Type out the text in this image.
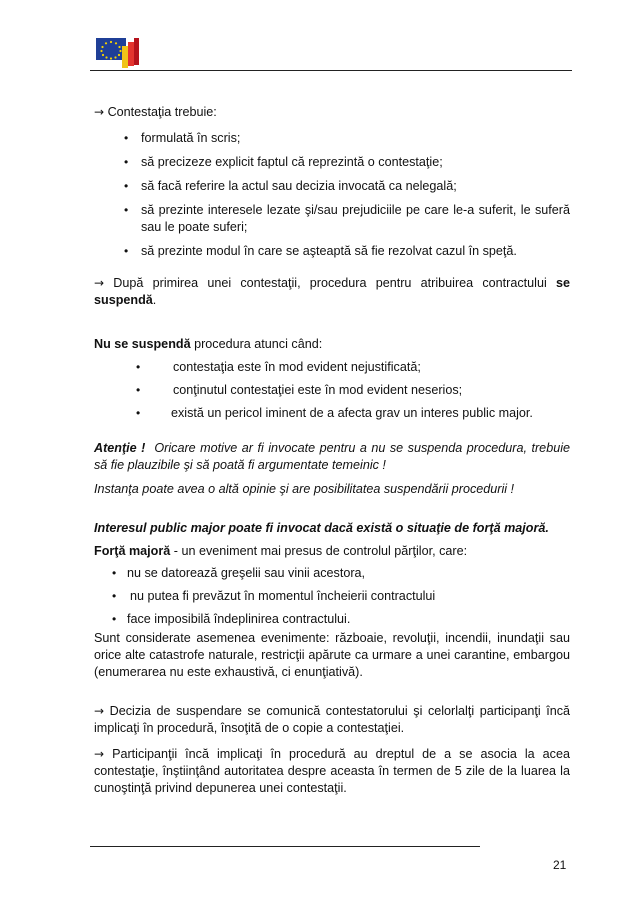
→ Contestaţia trebuie:
• formulată în scris;
• să precizeze explicit faptul că reprezintă o contestaţie;
• să facă referire la actul sau decizia invocată ca nelegală;
• să prezinte interesele lezate şi/sau prejudiciile pe care le-a suferit, le suferă sau le poate suferi;
• să prezinte modul în care se aşteaptă să fie rezolvat cazul în speţă.
→ După primirea unei contestaţii, procedura pentru atribuirea contractului se suspendă.
Nu se suspendă procedura atunci când:
•	contestaţia este în mod evident nejustificată;
•	conţinutul contestaţiei este în mod evident neserios;
• există un pericol iminent de a afecta grav un interes public major.
Atenţie ! Oricare motive ar fi invocate pentru a nu se suspenda procedura, trebuie să fie plauzibile şi să poată fi argumentate temeinic !
Instanţa poate avea o altă opinie şi are posibilitatea suspendării procedurii !
Interesul public major poate fi invocat dacă există o situaţie de forţă majoră.
Forţă majoră - un eveniment mai presus de controlul părţilor, care:
• nu se datorează greşelii sau vinii acestora,
• nu putea fi prevăzut în momentul încheierii contractului
• face imposibilă îndeplinirea contractului.
Sunt considerate asemenea evenimente: războaie, revoluţii, incendii, inundaţii sau orice alte catastrofe naturale, restricţii apărute ca urmare a unei carantine, embargou (enumerarea nu este exhaustivă, ci enunţiativă).
→ Decizia de suspendare se comunică contestatorului şi celorlalţi participanţi încă implicaţi în procedură, însoţită de o copie a contestaţiei.
→ Participanţii încă implicaţi în procedură au dreptul de a se asocia la acea contestaţie, înştiinţând autoritatea despre aceasta în termen de 5 zile de la luarea la cunoştinţă privind depunerea unei contestaţii.
21
